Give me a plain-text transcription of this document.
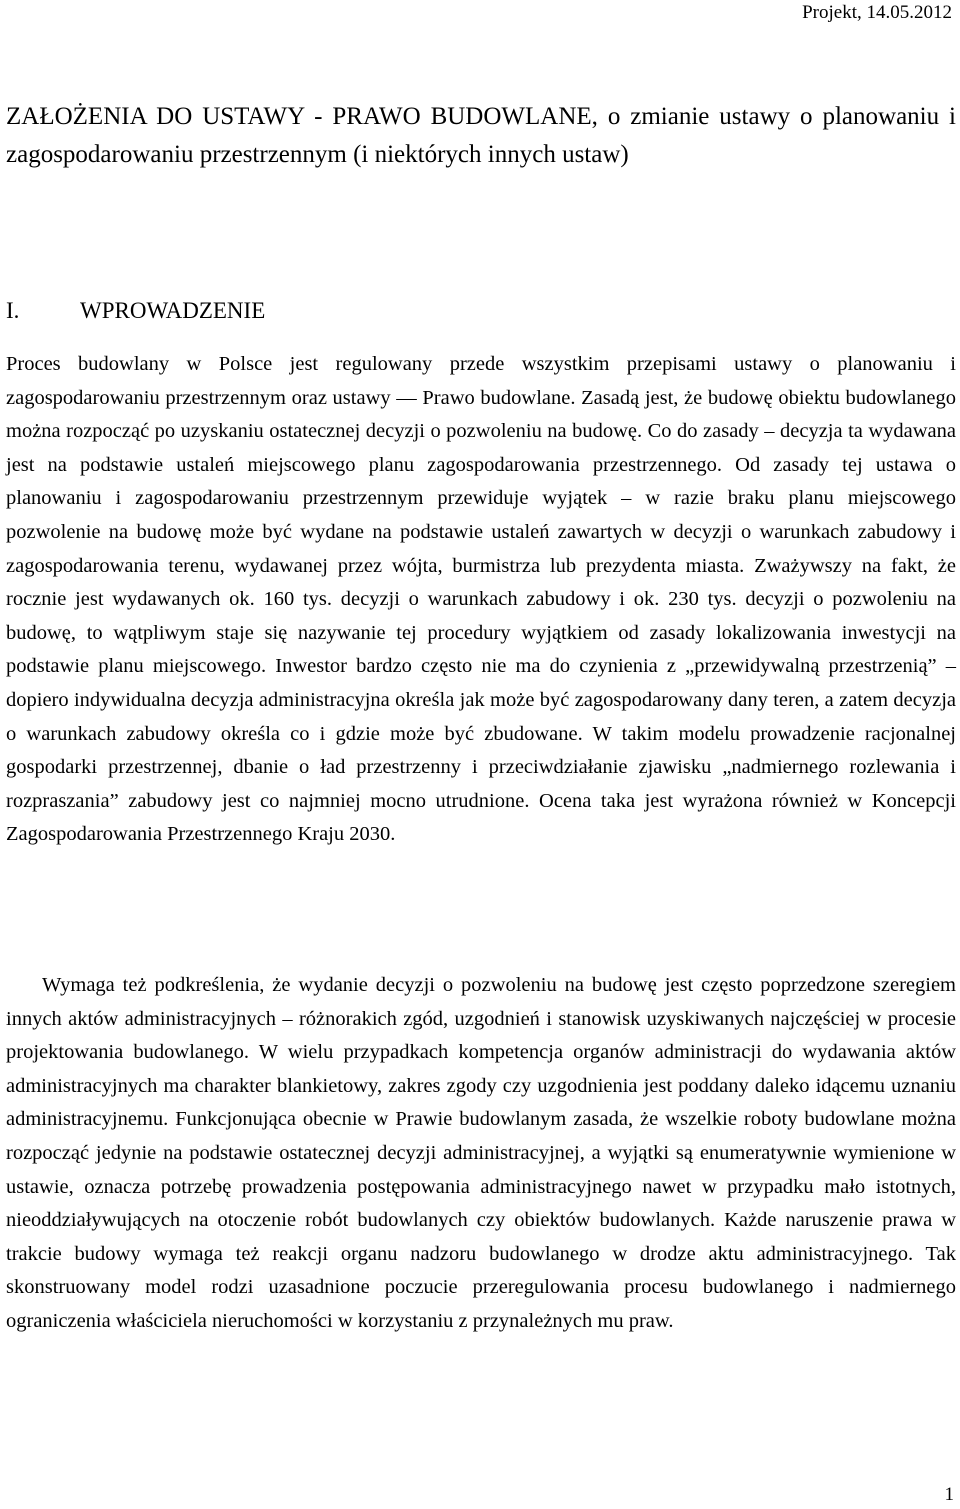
Projekt, 14.05.2012
ZAŁOŻENIA DO USTAWY - PRAWO BUDOWLANE, o zmianie ustawy o planowaniu i zagospodarowaniu przestrzennym (i niektórych innych ustaw)
I.	WPROWADZENIE

Proces budowlany w Polsce jest regulowany przede wszystkim przepisami ustawy o planowaniu i zagospodarowaniu przestrzennym oraz ustawy — Prawo budowlane. Zasadą jest, że budowę obiektu budowlanego można rozpocząć po uzyskaniu ostatecznej decyzji o pozwoleniu na budowę. Co do zasady – decyzja ta wydawana jest na podstawie ustaleń miejscowego planu zagospodarowania przestrzennego. Od zasady tej ustawa o planowaniu i zagospodarowaniu przestrzennym przewiduje wyjątek – w razie braku planu miejscowego pozwolenie na budowę może być wydane na podstawie ustaleń zawartych w decyzji o warunkach zabudowy i zagospodarowania terenu, wydawanej przez wójta, burmistrza lub prezydenta miasta. Zważywszy na fakt, że rocznie jest wydawanych ok. 160 tys. decyzji o warunkach zabudowy i ok. 230 tys. decyzji o pozwoleniu na budowę, to wątpliwym staje się nazywanie tej procedury wyjątkiem od zasady lokalizowania inwestycji na podstawie planu miejscowego. Inwestor bardzo często nie ma do czynienia z „przewidywalną przestrzenią” – dopiero indywidualna decyzja administracyjna określa jak może być zagospodarowany dany teren, a zatem decyzja o warunkach zabudowy określa co i gdzie może być zbudowane. W takim modelu prowadzenie racjonalnej gospodarki przestrzennej, dbanie o ład przestrzenny i przeciwdziałanie zjawisku „nadmiernego rozlewania i rozpraszania” zabudowy jest co najmniej mocno utrudnione. Ocena taka jest wyrażona również w Koncepcji Zagospodarowania Przestrzennego Kraju 2030.

Wymaga też podkreślenia, że wydanie decyzji o pozwoleniu na budowę jest często poprzedzone szeregiem innych aktów administracyjnych – różnorakich zgód, uzgodnień i stanowisk uzyskiwanych najczęściej w procesie projektowania budowlanego. W wielu przypadkach kompetencja organów administracji do wydawania aktów administracyjnych ma charakter blankietowy, zakres zgody czy uzgodnienia jest poddany daleko idącemu uznaniu administracyjnemu. Funkcjonująca obecnie w Prawie budowlanym zasada, że wszelkie roboty budowlane można rozpocząć jedynie na podstawie ostatecznej decyzji administracyjnej, a wyjątki są enumeratywnie wymienione w ustawie, oznacza potrzebę prowadzenia postępowania administracyjnego nawet w przypadku mało istotnych, nieoddziaływujących na otoczenie robót budowlanych czy obiektów budowlanych. Każde naruszenie prawa w trakcie budowy wymaga też reakcji organu nadzoru budowlanego w drodze aktu administracyjnego. Tak skonstruowany model rodzi uzasadnione poczucie przeregulowania procesu budowlanego i nadmiernego ograniczenia właściciela nieruchomości w korzystaniu z przynależnych mu praw.

1
